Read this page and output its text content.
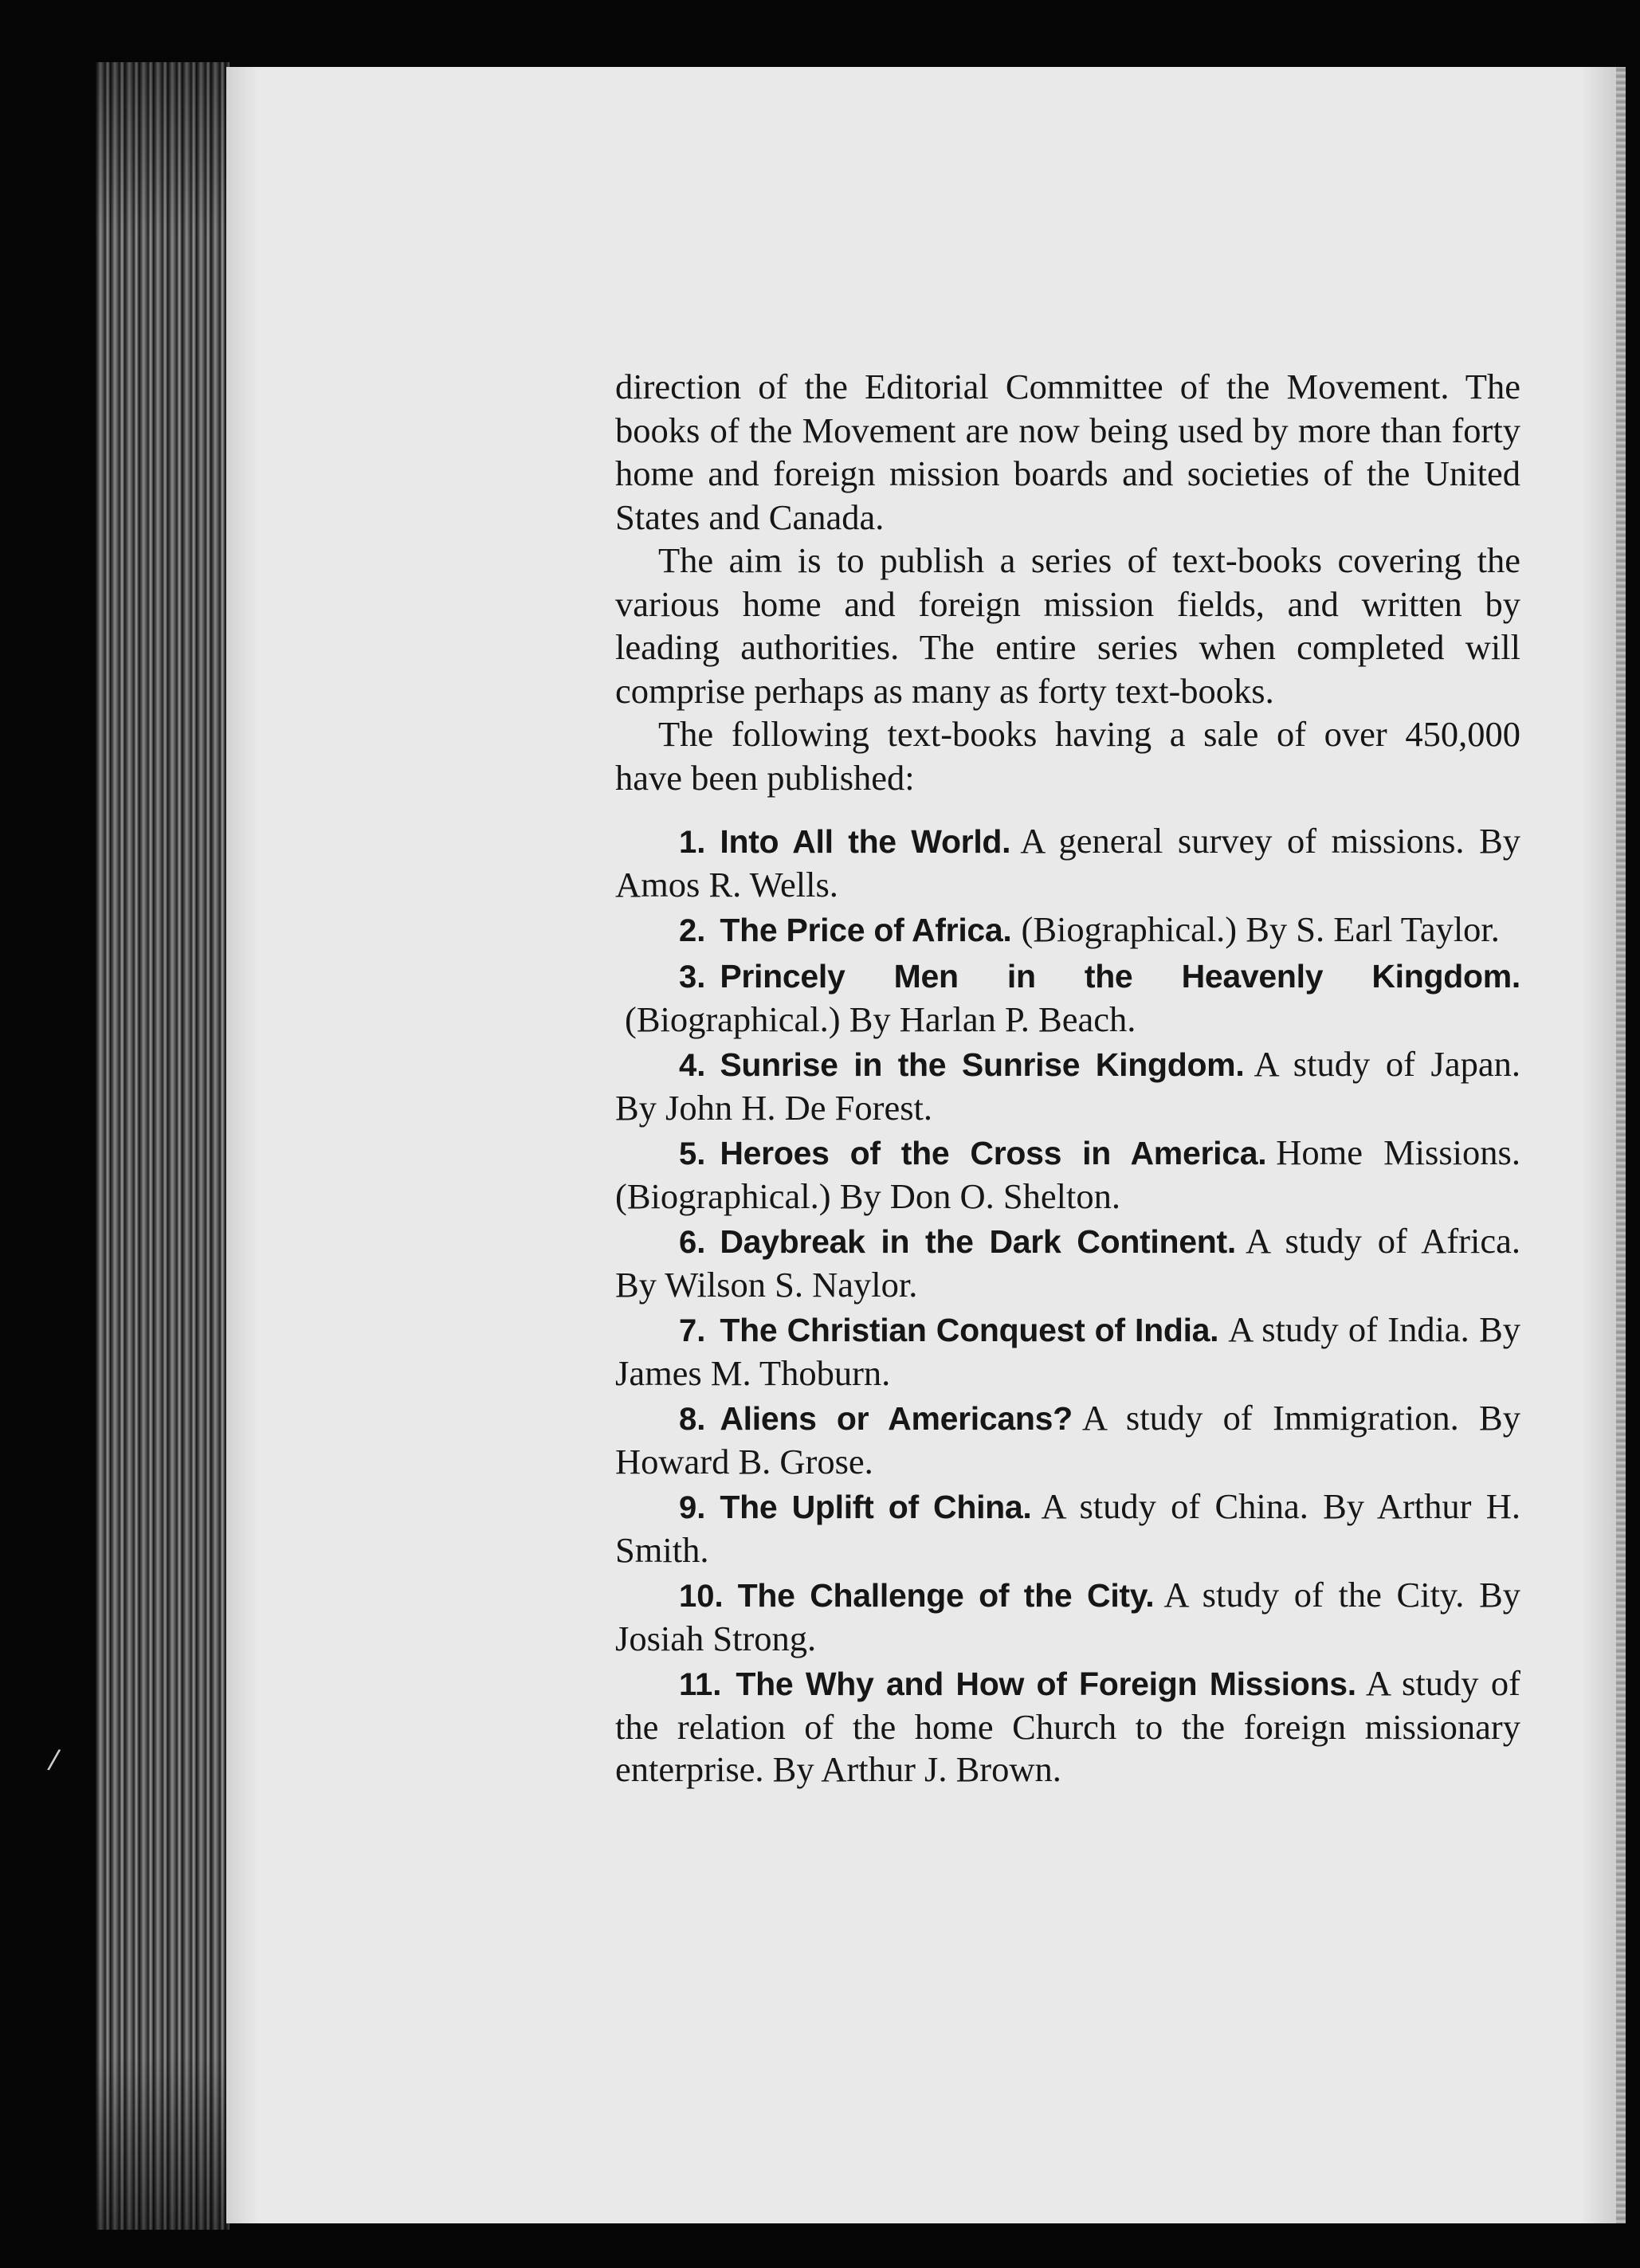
/

direction of the Editorial Committee of the Movement. The books of the Movement are now being used by more than forty home and foreign mission boards and societies of the United States and Canada.

The aim is to publish a series of text-books covering the various home and foreign mission fields, and written by leading authorities. The entire series when completed will comprise perhaps as many as forty text-books.

The following text-books having a sale of over 450,000 have been published:

1. Into All the World. A general survey of missions. By Amos R. Wells.

2. The Price of Africa. (Biographical.) By S. Earl Taylor.

3. Princely Men in the Heavenly Kingdom.(Biographical.) By Harlan P. Beach.

4. Sunrise in the Sunrise Kingdom. A study of Japan. By John H. De Forest.

5. Heroes of the Cross in America. Home Missions. (Biographical.) By Don O. Shelton.

6. Daybreak in the Dark Continent. A study of Africa. By Wilson S. Naylor.

7. The Christian Conquest of India. A study of India. By James M. Thoburn.

8. Aliens or Americans? A study of Immigration. By Howard B. Grose.

9. The Uplift of China. A study of China. By Arthur H. Smith.

10. The Challenge of the City. A study of the City. By Josiah Strong.

11. The Why and How of Foreign Missions. A study of the relation of the home Church to the foreign missionary enterprise. By Arthur J. Brown.
